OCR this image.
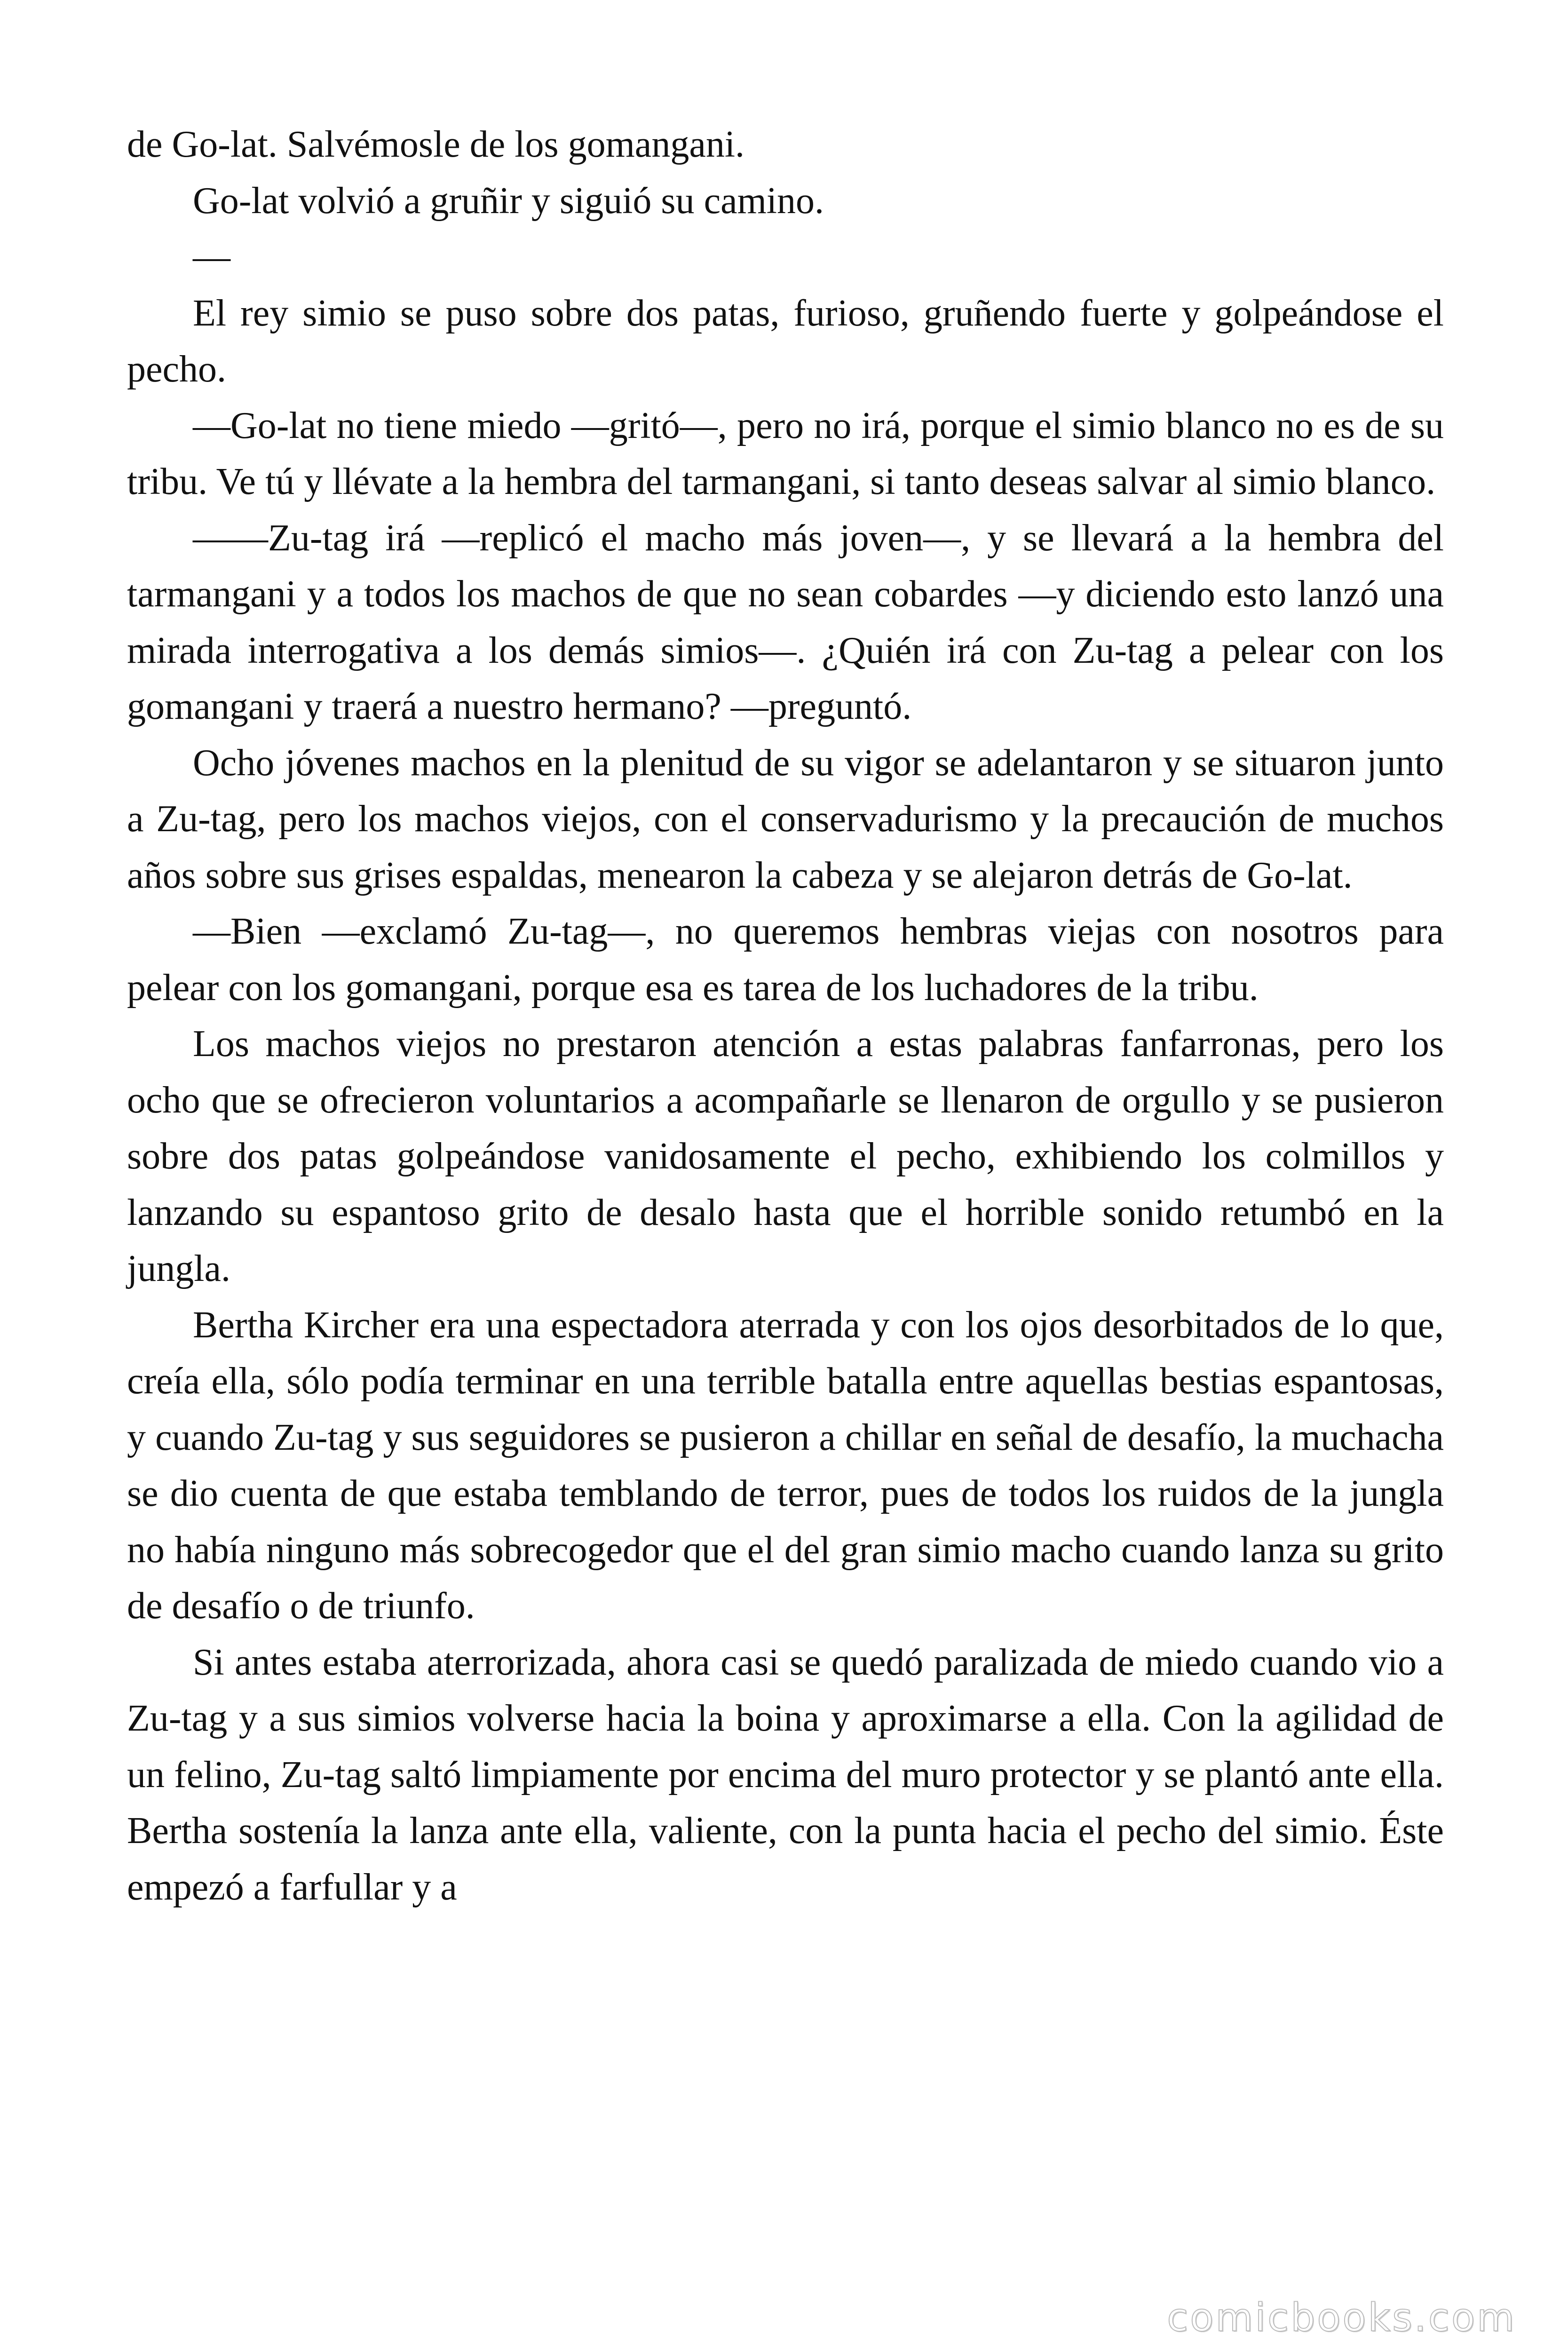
de Go-lat. Salvémosle de los gomangani.

Go-lat volvió a gruñir y siguió su camino.

—

El rey simio se puso sobre dos patas, furioso, gruñendo fuerte y golpeándose el pecho.

—Go-lat no tiene miedo —gritó—, pero no irá, porque el simio blanco no es de su tribu. Ve tú y llévate a la hembra del tarmangani, si tanto deseas salvar al simio blanco.

——Zu-tag irá —replicó el macho más joven—, y se llevará a la hembra del tarmangani y a todos los machos de que no sean cobardes —y diciendo esto lanzó una mirada interrogativa a los demás simios—. ¿Quién irá con Zu-tag a pelear con los gomangani y traerá a nuestro hermano? —preguntó.

Ocho jóvenes machos en la plenitud de su vigor se adelantaron y se situaron junto a Zu-tag, pero los machos viejos, con el conservadurismo y la precaución de muchos años sobre sus grises espaldas, menearon la cabeza y se alejaron detrás de Go-lat.

—Bien —exclamó Zu-tag—, no queremos hembras viejas con nosotros para pelear con los gomangani, porque esa es tarea de los luchadores de la tribu.

Los machos viejos no prestaron atención a estas palabras fanfarronas, pero los ocho que se ofrecieron voluntarios a acompañarle se llenaron de orgullo y se pusieron sobre dos patas golpeándose vanidosamente el pecho, exhibiendo los colmillos y lanzando su espantoso grito de desalo hasta que el horrible sonido retumbó en la jungla.

Bertha Kircher era una espectadora aterrada y con los ojos desorbitados de lo que, creía ella, sólo podía terminar en una terrible batalla entre aquellas bestias espantosas, y cuando Zu-tag y sus seguidores se pusieron a chillar en señal de desafío, la muchacha se dio cuenta de que estaba temblando de terror, pues de todos los ruidos de la jungla no había ninguno más sobrecogedor que el del gran simio macho cuando lanza su grito de desafío o de triunfo.

Si antes estaba aterrorizada, ahora casi se quedó paralizada de miedo cuando vio a Zu-tag y a sus simios volverse hacia la boina y aproximarse a ella. Con la agilidad de un felino, Zu-tag saltó limpiamente por encima del muro protector y se plantó ante ella. Bertha sostenía la lanza ante ella, valiente, con la punta hacia el pecho del simio. Éste empezó a farfullar y a

comicbooks.com
